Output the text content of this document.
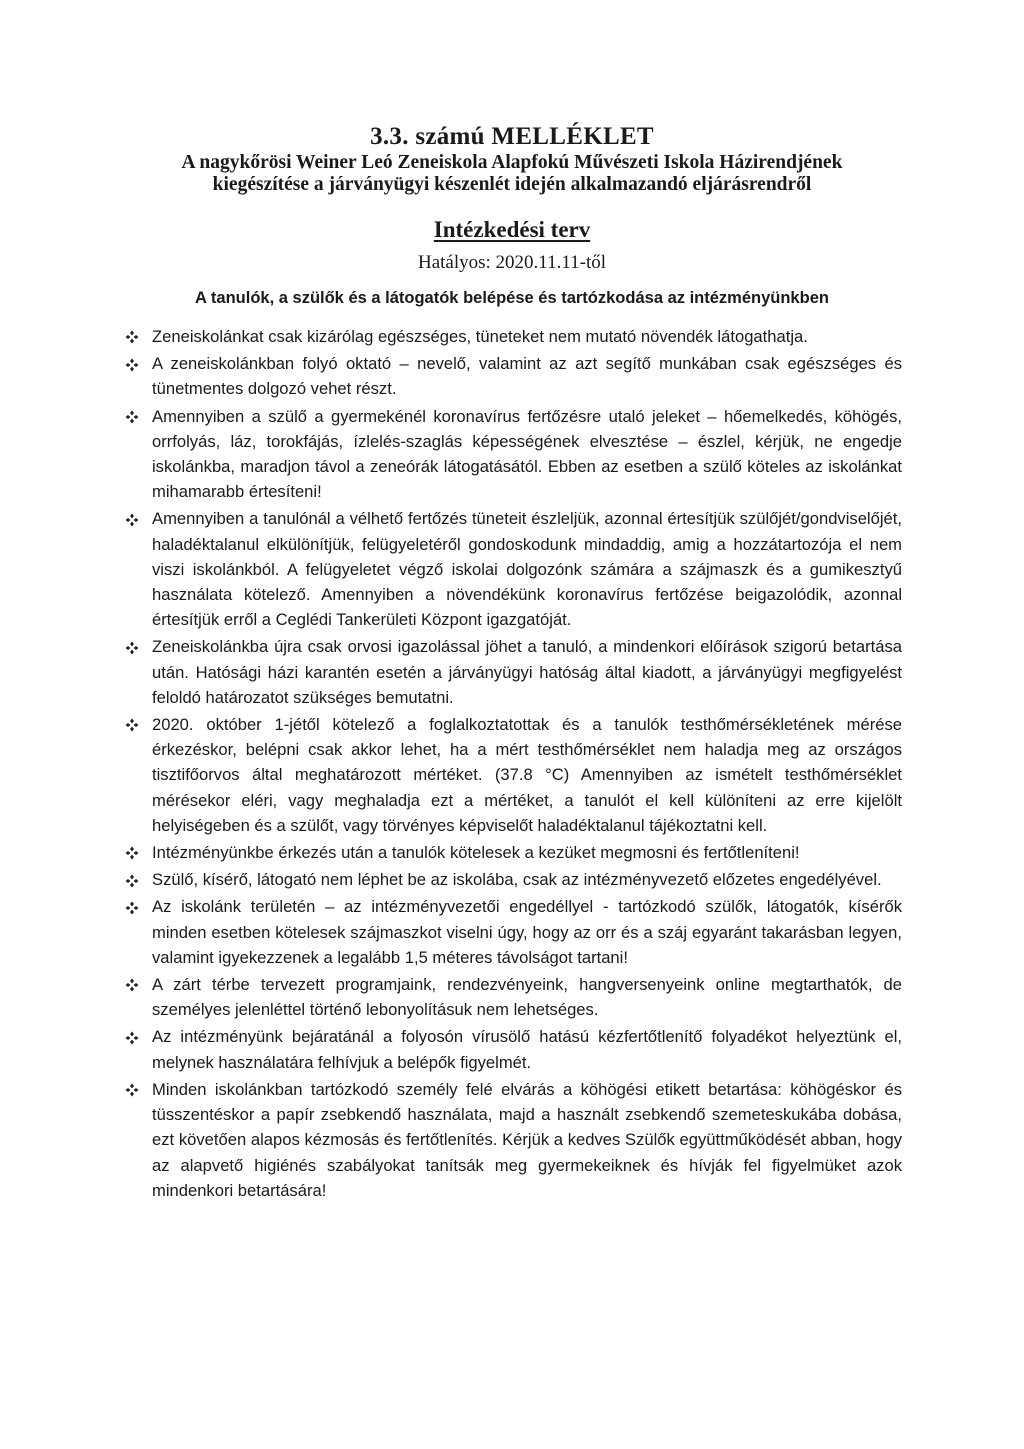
3.3. számú MELLÉKLET
A nagykőrösi Weiner Leó Zeneiskola Alapfokú Művészeti Iskola Házirendjének
kiegészítése a járványügyi készenlét idején alkalmazandó eljárásrendről
Intézkedési terv
Hatályos: 2020.11.11-től
A tanulók, a szülők és a látogatók belépése és tartózkodása az intézményünkben
Zeneiskolánkat csak kizárólag egészséges, tüneteket nem mutató növendék látogathatja.
A zeneiskolánkban folyó oktató – nevelő, valamint az azt segítő munkában csak egészséges és tünetmentes dolgozó vehet részt.
Amennyiben a szülő a gyermekénél koronavírus fertőzésre utaló jeleket – hőemelkedés, köhögés, orrfolyás, láz, torokfájás, ízlelés-szaglás képességének elvesztése – észlel, kérjük, ne engedje iskolánkba, maradjon távol a zeneórák látogatásától. Ebben az esetben a szülő köteles az iskolánkat mihamarabb értesíteni!
Amennyiben a tanulónál a vélhető fertőzés tüneteit észleljük, azonnal értesítjük szülőjét/gondviselőjét, haladéktalanul elkülönítjük, felügyeletéről gondoskodunk mindaddig, amig a hozzátartozója el nem viszi iskolánkból. A felügyeletet végző iskolai dolgozónk számára a szájmaszk és a gumikesztyű használata kötelező. Amennyiben a növendékünk koronavírus fertőzése beigazolódik, azonnal értesítjük erről a Ceglédi Tankerületi Központ igazgatóját.
Zeneiskolánkba újra csak orvosi igazolással jöhet a tanuló, a mindenkori előírások szigorú betartása után. Hatósági házi karantén esetén a járványügyi hatóság által kiadott, a járványügyi megfigyelést feloldó határozatot szükséges bemutatni.
2020. október 1-jétől kötelező a foglalkoztatottak és a tanulók testhőmérsékletének mérése érkezéskor, belépni csak akkor lehet, ha a mért testhőmérséklet nem haladja meg az országos tisztifőorvos által meghatározott mértéket. (37.8 °C) Amennyiben az ismételt testhőmérséklet mérésekor eléri, vagy meghaladja ezt a mértéket, a tanulót el kell különíteni az erre kijelölt helyiségeben és a szülőt, vagy törvényes képviselőt haladéktalanul tájékoztatni kell.
Intézményünkbe érkezés után a tanulók kötelesek a kezüket megmosni és fertőtleníteni!
Szülő, kísérő, látogató nem léphet be az iskolába, csak az intézményvezető előzetes engedélyével.
Az iskolánk területén – az intézményvezetői engedéllyel - tartózkodó szülők, látogatók, kísérők minden esetben kötelesek szájmaszkot viselni úgy, hogy az orr és a száj egyaránt takarásban legyen, valamint igyekezzenek a legalább 1,5 méteres távolságot tartani!
A zárt térbe tervezett programjaink, rendezvényeink, hangversenyeink online megtarthatók, de személyes jelenléttel történő lebonyolításuk nem lehetséges.
Az intézményünk bejáratánál a folyosón vírusölő hatású kézfertőtlenítő folyadékot helyeztünk el, melynek használatára felhívjuk a belépők figyelmét.
Minden iskolánkban tartózkodó személy felé elvárás a köhögési etikett betartása: köhögéskor és tüsszentéskor a papír zsebkendő használata, majd a használt zsebkendő szemeteskukába dobása, ezt követően alapos kézmosás és fertőtlenítés. Kérjük a kedves Szülők együttműködését abban, hogy az alapvető higiénés szabályokat tanítsák meg gyermekeiknek és hívják fel figyelmüket azok mindenkori betartására!
